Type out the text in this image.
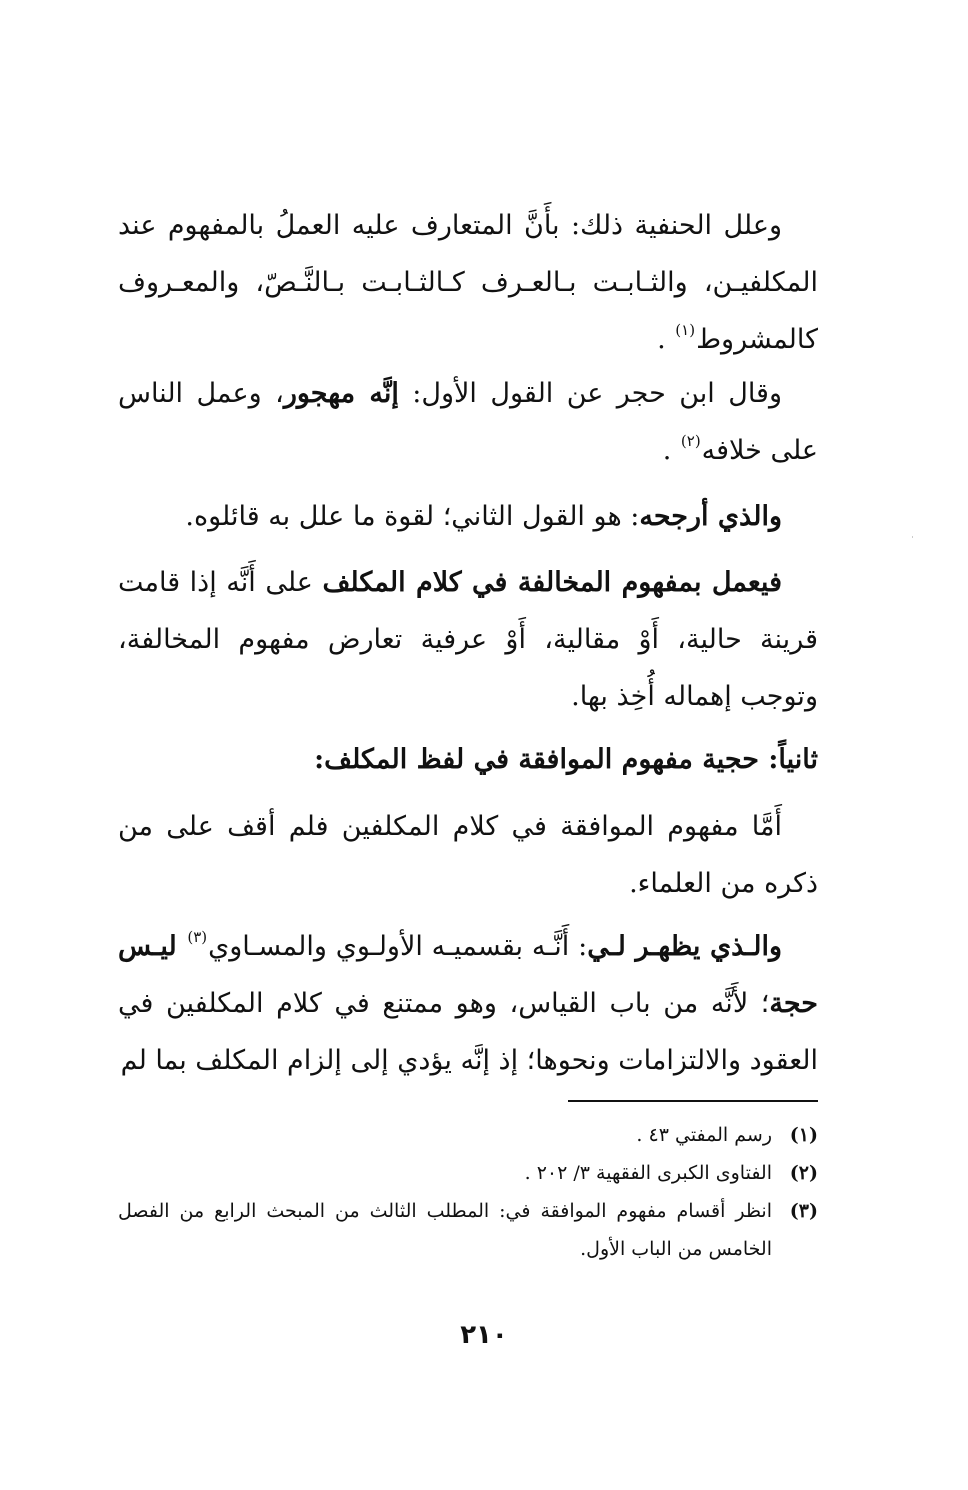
وعلل الحنفية ذلك: بأَنَّ المتعارف عليه العملُ بالمفهوم عند المكلفيـن، والثـابـت بـالعـرف كـالثـابـت بـالنَّـصّ، والمعـروف كالمشروط$^{(١)}$ .

وقال ابن حجر عن القول الأول: إنَّه مهجور، وعمل الناس على خلافه$^{(٢)}$ .

والذي أرجحه: هو القول الثاني؛ لقوة ما علل به قائلوه.

فيعمل بمفهوم المخالفة في كلام المكلف على أَنَّه إذا قامت قرينة حالية، أَوْ مقالية، أَوْ عرفية تعارض مفهوم المخالفة، وتوجب إهماله أُخِذ بها.

ثانياً: حجية مفهوم الموافقة في لفظ المكلف:

أَمَّا مفهوم الموافقة في كلام المكلفين فلم أقف على من ذكره من العلماء.

والـذي يظهـر لـي: أَنَّـه بقسميـه الأولـوي والمسـاوي$^{(٣)}$ ليـس حجة؛ لأَنَّه من باب القياس، وهو ممتنع في كلام المكلفين في العقود والالتزامات ونحوها؛ إذ إنَّه يؤدي إلى إلزام المكلف بما لم

(١)
رسم المفتي ٤٣ .
(٢)
الفتاوى الكبرى الفقهية ٣/ ٢٠٢ .
(٣)
انظر أقسام مفهوم الموافقة في: المطلب الثالث من المبحث الرابع من الفصل الخامس من الباب الأول.
٢١٠
